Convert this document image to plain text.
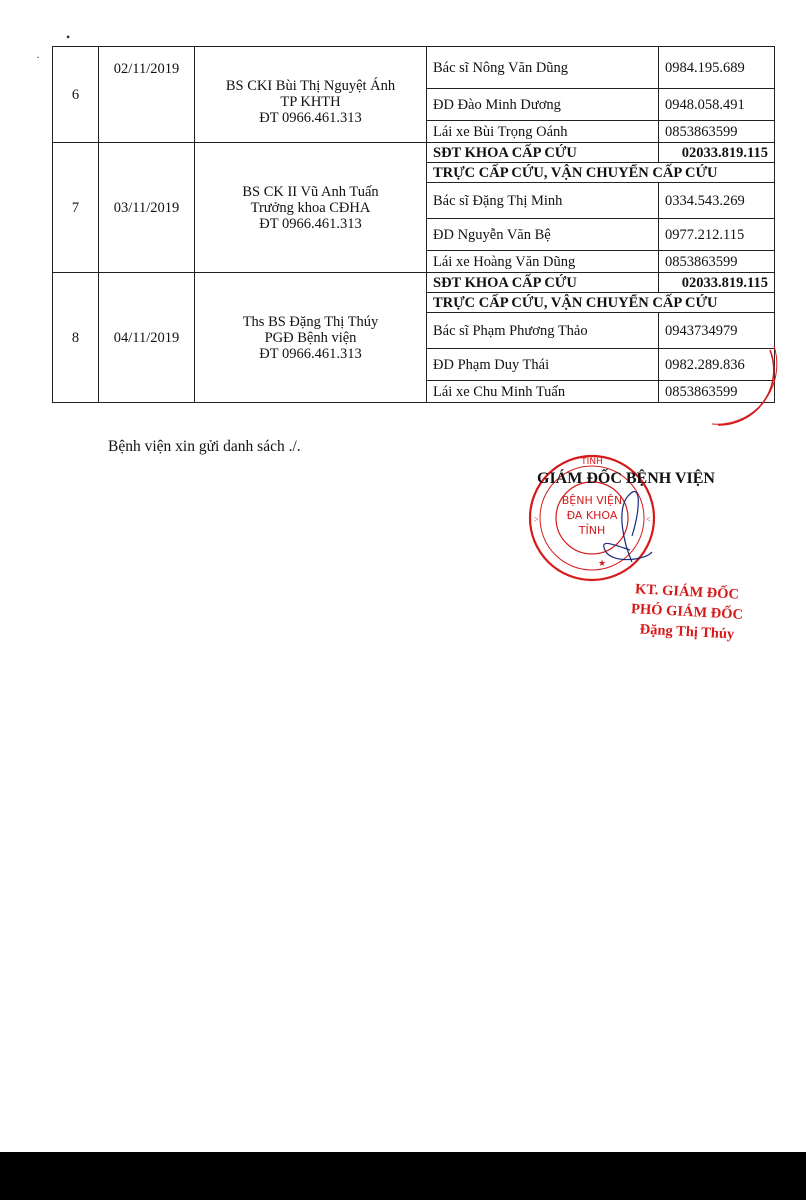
•
·
6	02/11/2019	BS CKI Bùi Thị Nguyệt Ánh
TP KHTH
ĐT 0966.461.313	Bác sĩ Nông Văn Dũng	0984.195.689
			ĐD Đào Minh Dương	0948.058.491
			Lái xe Bùi Trọng Oánh	0853863599
7	03/11/2019	BS CK II Vũ Anh Tuấn
Trưởng khoa CĐHA
ĐT 0966.461.313	SĐT KHOA CẤP CỨU	02033.819.115
			TRỰC CẤP CỨU, VẬN CHUYỂN CẤP CỨU	
			Bác sĩ Đặng Thị Minh	0334.543.269
			ĐD Nguyễn Văn Bệ	0977.212.115
			Lái xe Hoàng Văn Dũng	0853863599
8	04/11/2019	Ths BS Đặng Thị Thúy
PGĐ Bệnh viện
ĐT 0966.461.313	SĐT KHOA CẤP CỨU	02033.819.115
			TRỰC CẤP CỨU, VẬN CHUYỂN CẤP CỨU	
			Bác sĩ Phạm Phương Thảo	0943734979
			ĐD Phạm Duy Thái	0982.289.836
			Lái xe Chu Minh Tuấn	0853863599
Bệnh viện xin gửi danh sách ./.
TỈNH
BỆNH VIỆN
ĐA KHOA
TỈNH
>	<
★
GIÁM ĐỐC BỆNH VIỆN
KT. GIÁM ĐỐC
PHÓ GIÁM ĐỐC
Đặng Thị Thúy
